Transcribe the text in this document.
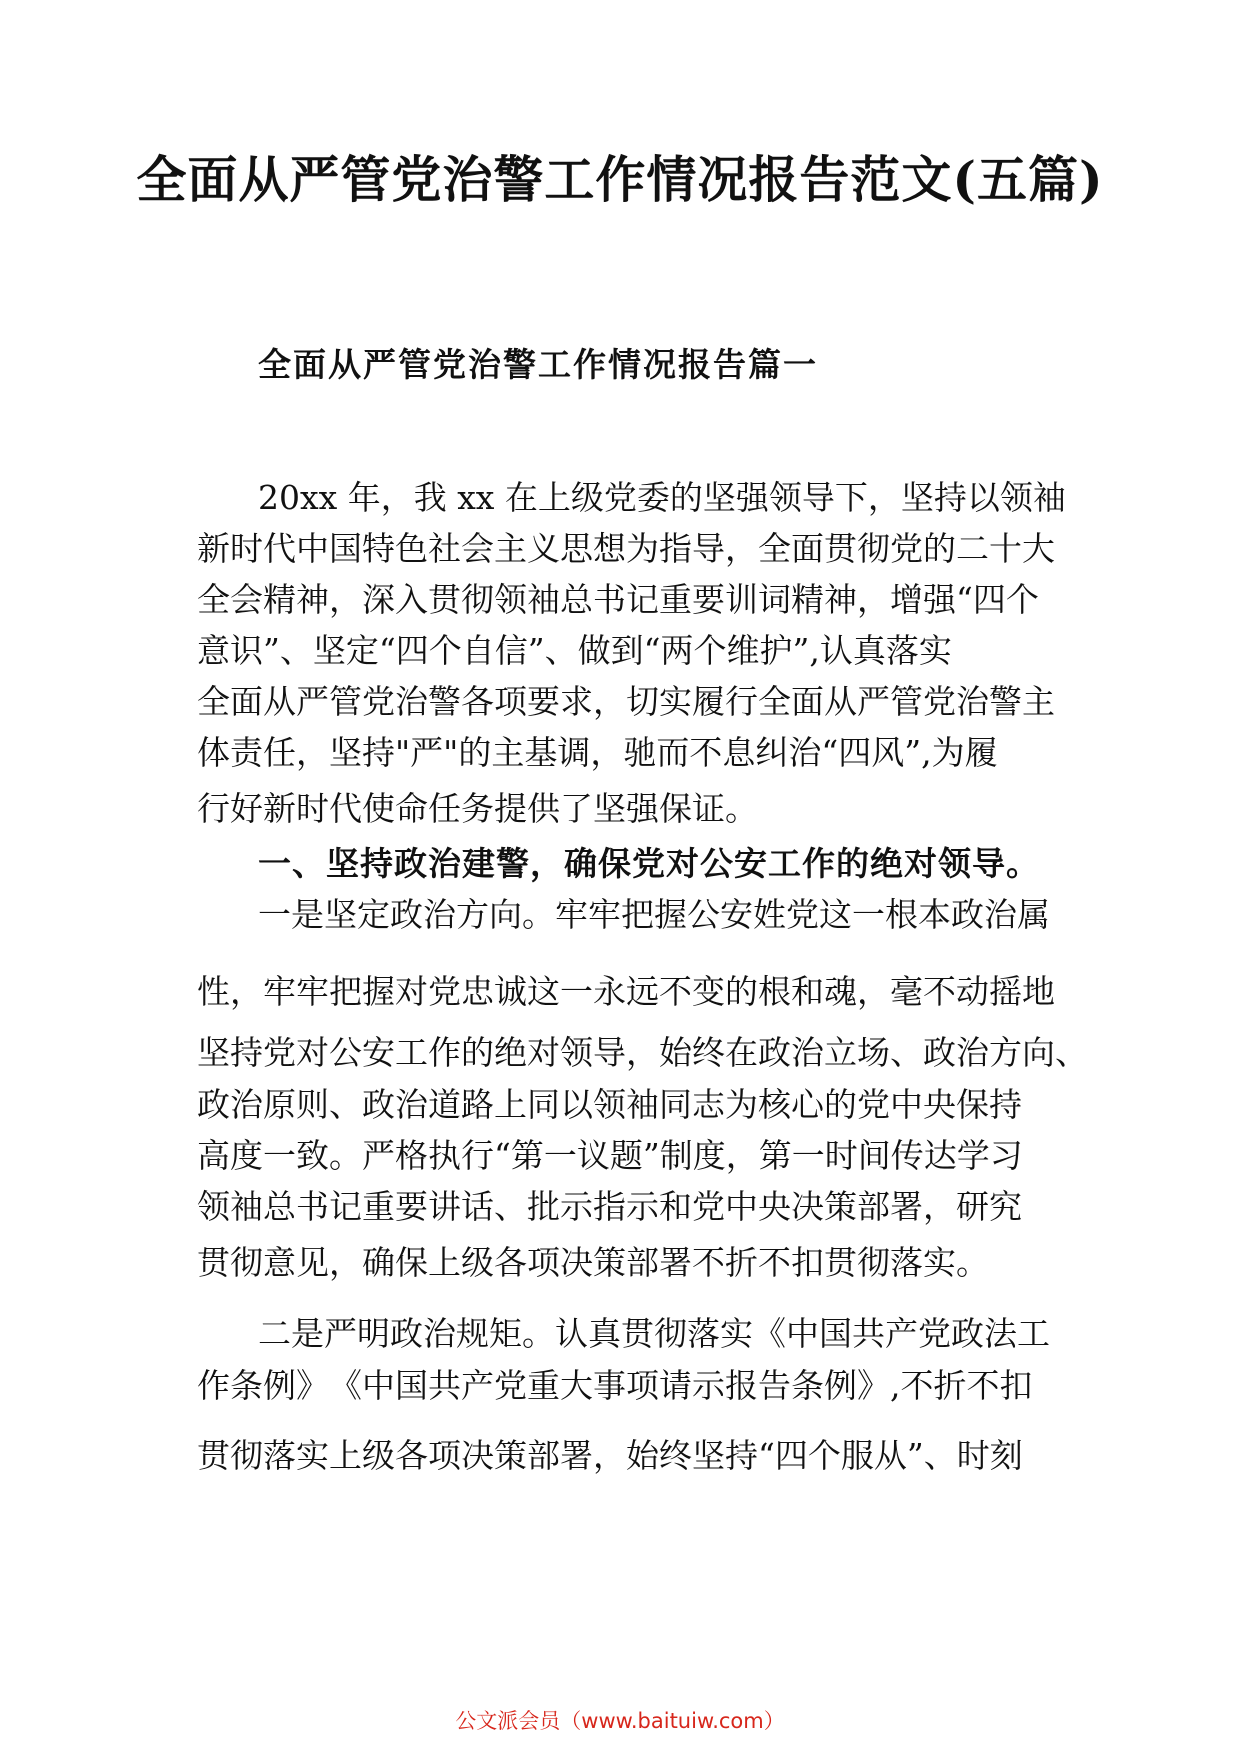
全面从严管党治警工作情况报告范文(五篇)
全面从严管党治警工作情况报告篇一
20xx 年，我 xx 在上级党委的坚强领导下，坚持以领袖
新时代中国特色社会主义思想为指导，全面贯彻党的二十大
全会精神，深入贯彻领袖总书记重要训词精神，增强“四个
意识”、坚定“四个自信”、做到“两个维护”,认真落实
全面从严管党治警各项要求，切实履行全面从严管党治警主
体责任，坚持"严"的主基调，驰而不息纠治“四风”,为履
行好新时代使命任务提供了坚强保证。
一、坚持政治建警，确保党对公安工作的绝对领导。
一是坚定政治方向。牢牢把握公安姓党这一根本政治属
性，牢牢把握对党忠诚这一永远不变的根和魂，毫不动摇地
坚持党对公安工作的绝对领导，始终在政治立场、政治方向、
政治原则、政治道路上同以领袖同志为核心的党中央保持
高度一致。严格执行“第一议题”制度，第一时间传达学习
领袖总书记重要讲话、批示指示和党中央决策部署，研究
贯彻意见，确保上级各项决策部署不折不扣贯彻落实。
二是严明政治规矩。认真贯彻落实《中国共产党政法工
作条例》　《中国共产党重大事项请示报告条例》,不折不扣
贯彻落实上级各项决策部署，始终坚持“四个服从”、时刻
公文派会员（www.baituiw.com）
